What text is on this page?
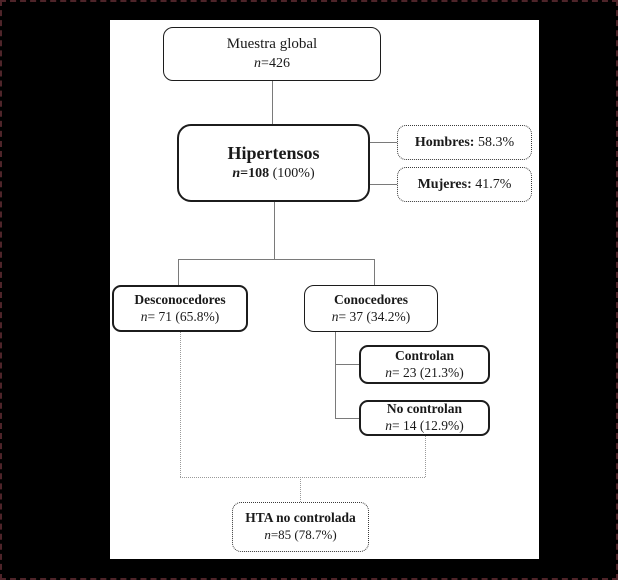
Muestra global
n=426
Hipertensos
n=108 (100%)
Hombres: 58.3%
Mujeres: 41.7%
Desconocedores
n= 71 (65.8%)
Conocedores
n= 37 (34.2%)
Controlan
n= 23 (21.3%)
No controlan
n= 14 (12.9%)
HTA no controlada
n=85 (78.7%)
